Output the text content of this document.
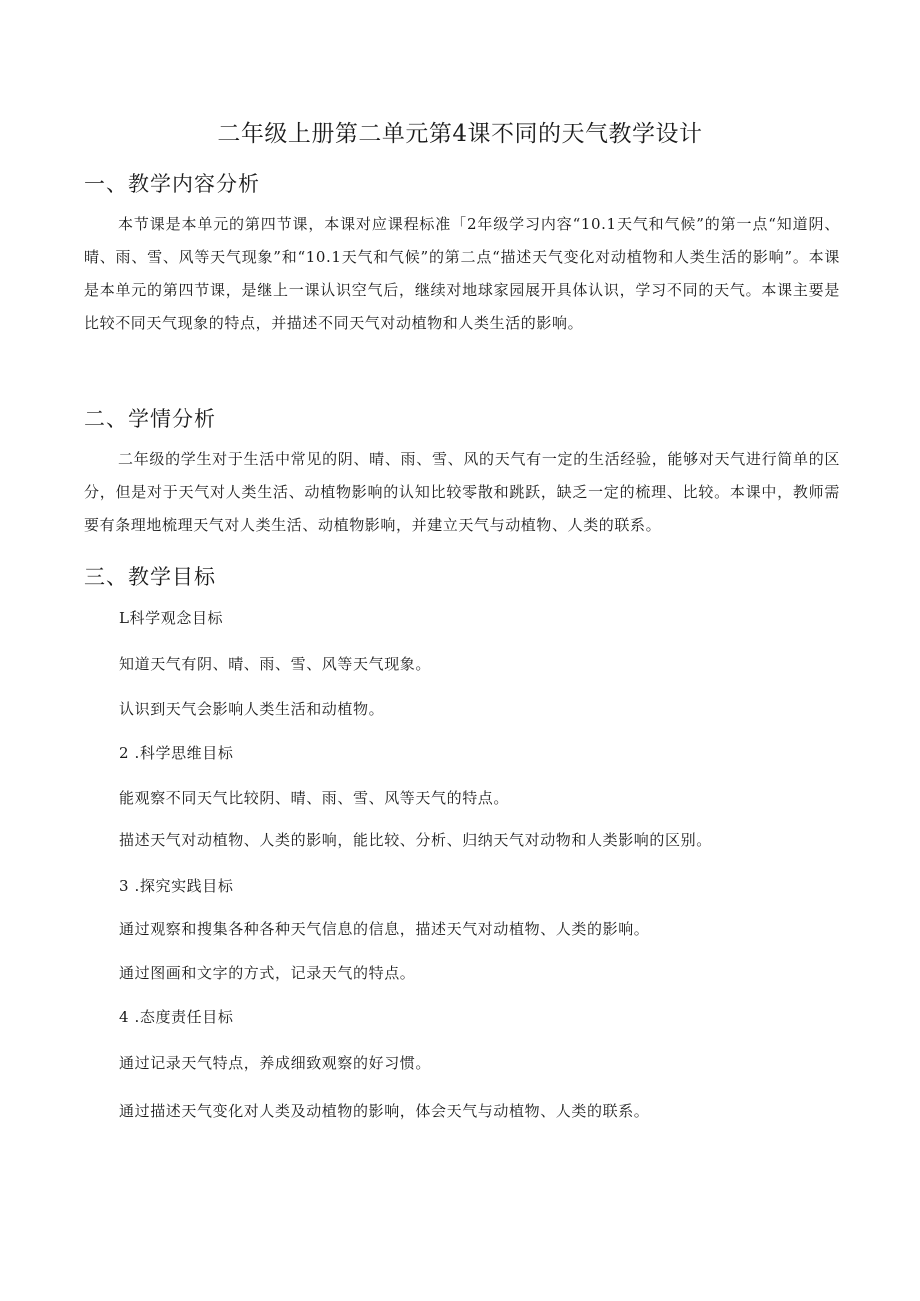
二年级上册第二单元第4课不同的天气教学设计
一、教学内容分析
本节课是本单元的第四节课，本课对应课程标准「2年级学习内容“10.1天气和气候”的第一点“知道阴、晴、雨、雪、风等天气现象”和“10.1天气和气候”的第二点“描述天气变化对动植物和人类生活的影响”。本课是本单元的第四节课，是继上一课认识空气后，继续对地球家园展开具体认识，学习不同的天气。本课主要是比较不同天气现象的特点，并描述不同天气对动植物和人类生活的影响。
二、学情分析
二年级的学生对于生活中常见的阴、晴、雨、雪、风的天气有一定的生活经验，能够对天气进行简单的区分，但是对于天气对人类生活、动植物影响的认知比较零散和跳跃，缺乏一定的梳理、比较。本课中，教师需要有条理地梳理天气对人类生活、动植物影响，并建立天气与动植物、人类的联系。
三、教学目标
L科学观念目标
知道天气有阴、晴、雨、雪、风等天气现象。
认识到天气会影响人类生活和动植物。
2 .科学思维目标
能观察不同天气比较阴、晴、雨、雪、风等天气的特点。
描述天气对动植物、人类的影响，能比较、分析、归纳天气对动物和人类影响的区别。
3 .探究实践目标
通过观察和搜集各种各种天气信息的信息，描述天气对动植物、人类的影响。
通过图画和文字的方式，记录天气的特点。
4 .态度责任目标
通过记录天气特点，养成细致观察的好习惯。
通过描述天气变化对人类及动植物的影响，体会天气与动植物、人类的联系。
